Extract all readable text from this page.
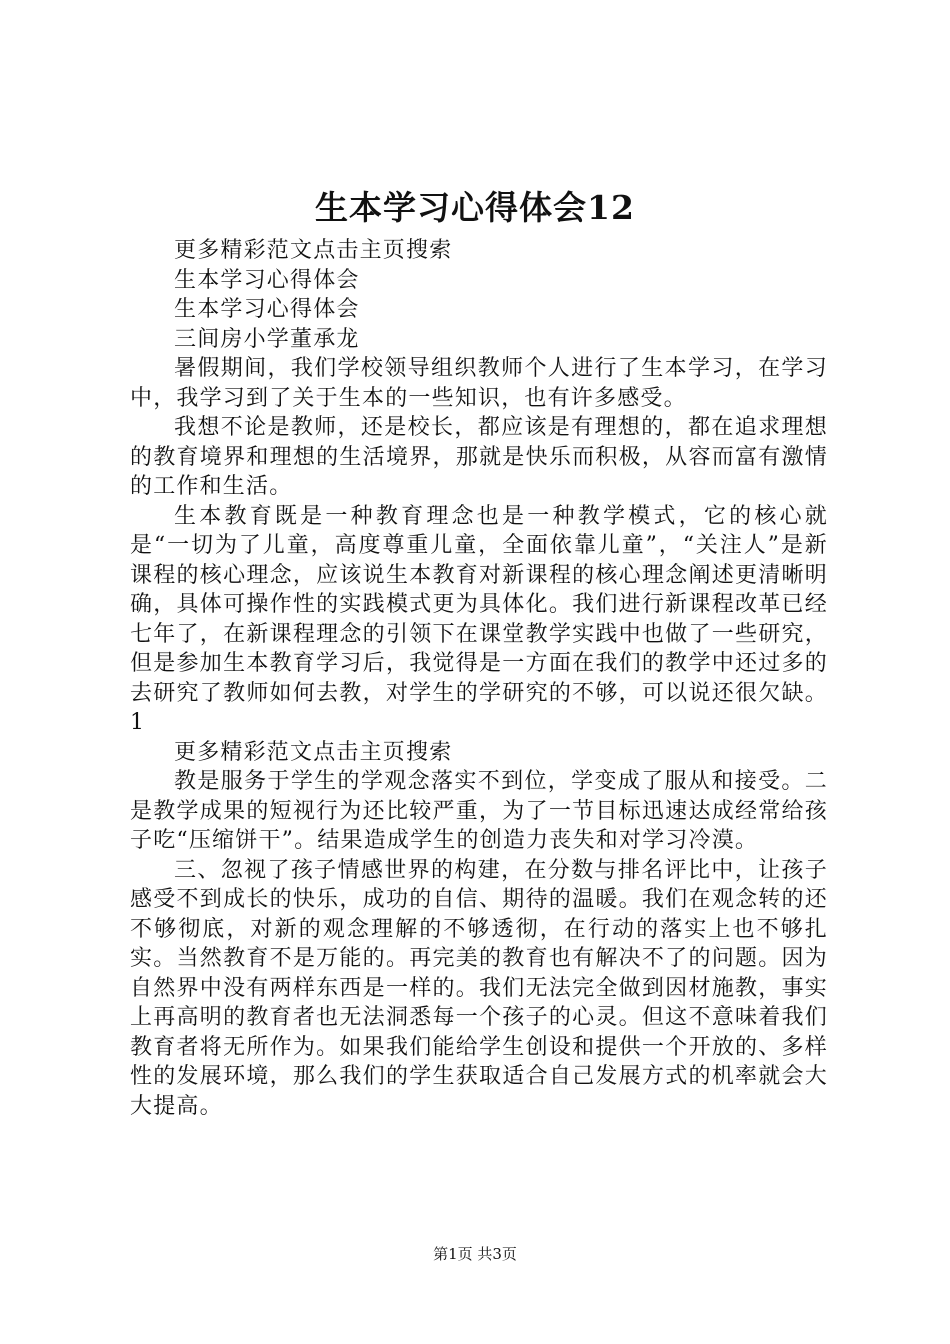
生本学习心得体会12

更多精彩范文点击主页搜索

生本学习心得体会

生本学习心得体会

三间房小学董承龙

暑假期间，我们学校领导组织教师个人进行了生本学习，在学习中，我学习到了关于生本的一些知识，也有许多感受。

我想不论是教师，还是校长，都应该是有理想的，都在追求理想的教育境界和理想的生活境界，那就是快乐而积极，从容而富有激情的工作和生活。

生本教育既是一种教育理念也是一种教学模式，它的核心就是“一切为了儿童，高度尊重儿童，全面依靠儿童”，“关注人”是新课程的核心理念，应该说生本教育对新课程的核心理念阐述更清晰明确，具体可操作性的实践模式更为具体化。我们进行新课程改革已经七年了，在新课程理念的引领下在课堂教学实践中也做了一些研究，但是参加生本教育学习后，我觉得是一方面在我们的教学中还过多的去研究了教师如何去教，对学生的学研究的不够，可以说还很欠缺。1

更多精彩范文点击主页搜索

教是服务于学生的学观念落实不到位，学变成了服从和接受。二是教学成果的短视行为还比较严重，为了一节目标迅速达成经常给孩子吃“压缩饼干”。结果造成学生的创造力丧失和对学习冷漠。

三、忽视了孩子情感世界的构建，在分数与排名评比中，让孩子感受不到成长的快乐，成功的自信、期待的温暖。我们在观念转的还不够彻底，对新的观念理解的不够透彻，在行动的落实上也不够扎实。当然教育不是万能的。再完美的教育也有解决不了的问题。因为自然界中没有两样东西是一样的。我们无法完全做到因材施教，事实上再高明的教育者也无法洞悉每一个孩子的心灵。但这不意味着我们教育者将无所作为。如果我们能给学生创设和提供一个开放的、多样性的发展环境，那么我们的学生获取适合自己发展方式的机率就会大大提高。

第1页 共3页
